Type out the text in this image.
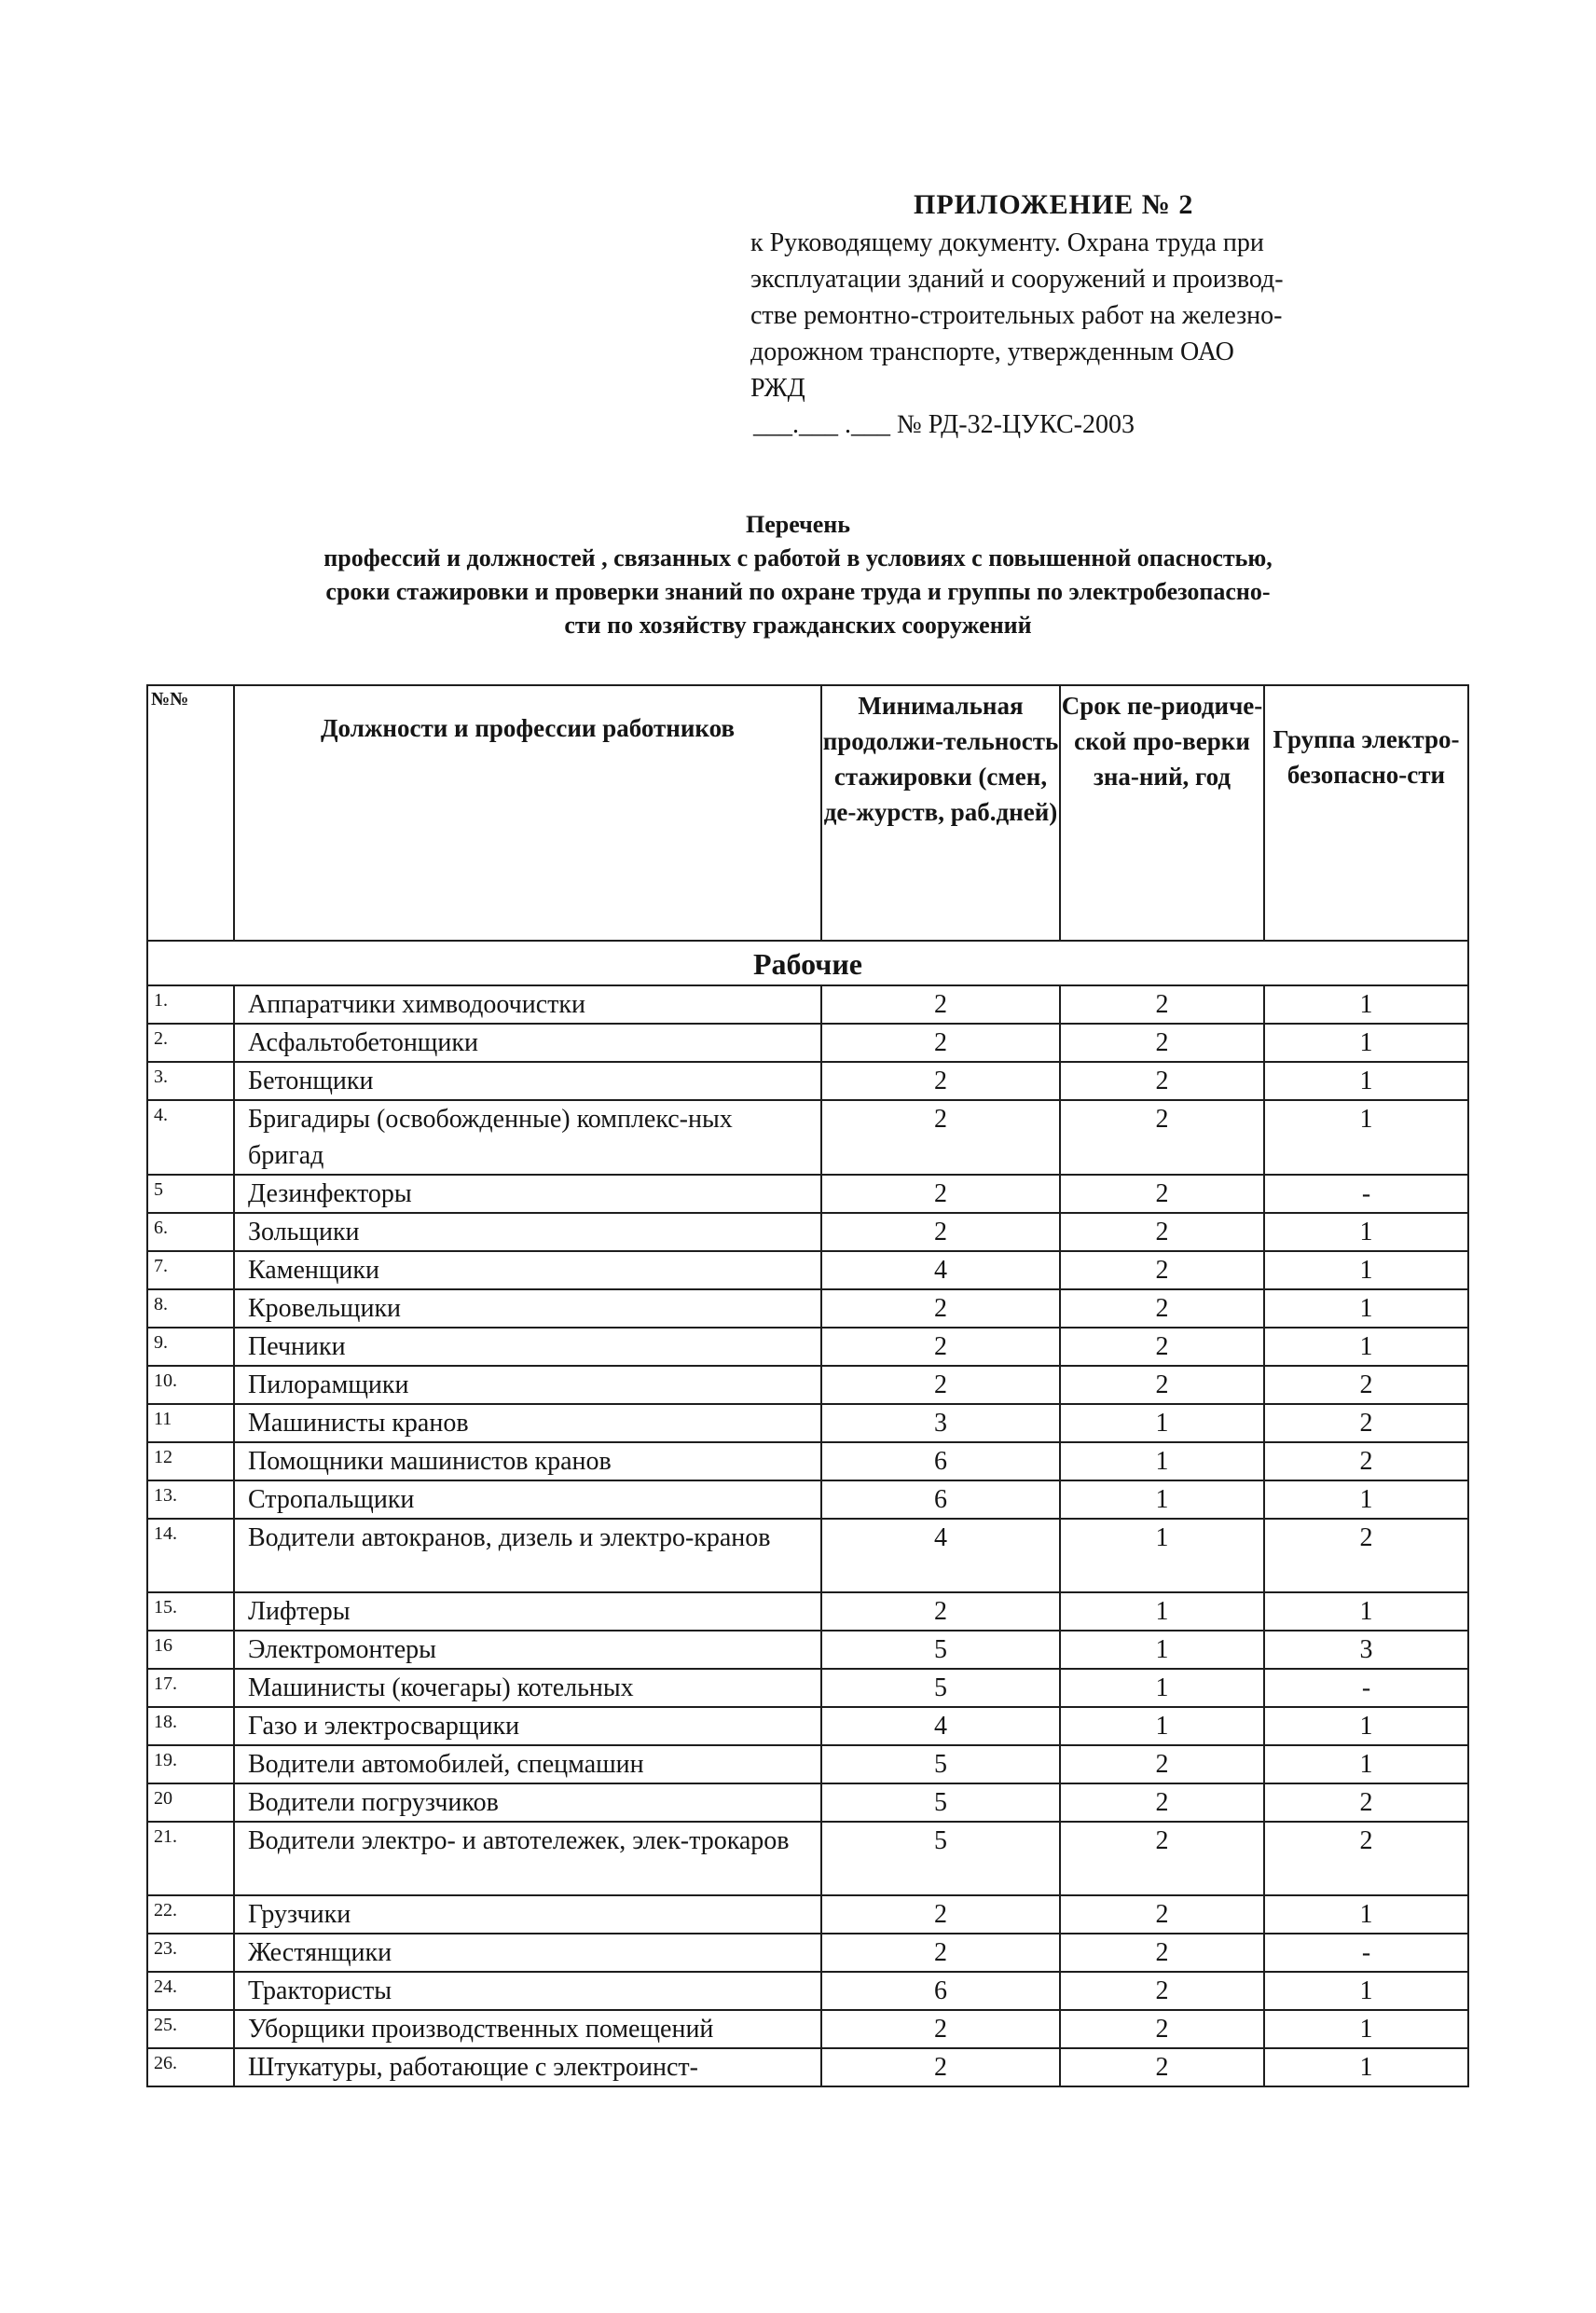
ПРИЛОЖЕНИЕ № 2
к Руководящему документу. Охрана труда при
эксплуатации зданий и сооружений и производ-
стве ремонтно-строительных работ на железно-
дорожном транспорте, утвержденным ОАО
РЖД
___.___ .___ № РД-32-ЦУКС-2003
Перечень
профессий и должностей , связанных с работой в условиях с повышенной опасностью,
сроки стажировки и проверки знаний по охране труда и группы по электробезопасно-
сти по хозяйству гражданских сооружений
№№	Должности и профессии работников	Минимальная продолжи-тельность стажировки (смен, де-журств, раб.дней)	Срок пе-риодиче-ской про-верки зна-ний, год	Группа электро-безопасно-сти
Рабочие				
1.	Аппаратчики химводоочистки	2	2	1
2.	Асфальтобетонщики	2	2	1
3.	Бетонщики	2	2	1
4.	Бригадиры (освобожденные) комплекс-ных бригад	2	2	1
5	Дезинфекторы	2	2	-
6.	Зольщики	2	2	1
7.	Каменщики	4	2	1
8.	Кровельщики	2	2	1
9.	Печники	2	2	1
10.	Пилорамщики	2	2	2
11	Машинисты кранов	3	1	2
12	Помощники машинистов кранов	6	1	2
13.	Стропальщики	6	1	1
14.	Водители автокранов, дизель и электро-кранов	4	1	2
15.	Лифтеры	2	1	1
16	Электромонтеры	5	1	3
17.	Машинисты (кочегары) котельных	5	1	-
18.	Газо и электросварщики	4	1	1
19.	Водители автомобилей, спецмашин	5	2	1
20	Водители погрузчиков	5	2	2
21.	Водители электро- и автотележек, элек-трокаров	5	2	2
22.	Грузчики	2	2	1
23.	Жестянщики	2	2	-
24.	Трактористы	6	2	1
25.	Уборщики производственных помещений	2	2	1
26.	Штукатуры, работающие с электроинст-	2	2	1
